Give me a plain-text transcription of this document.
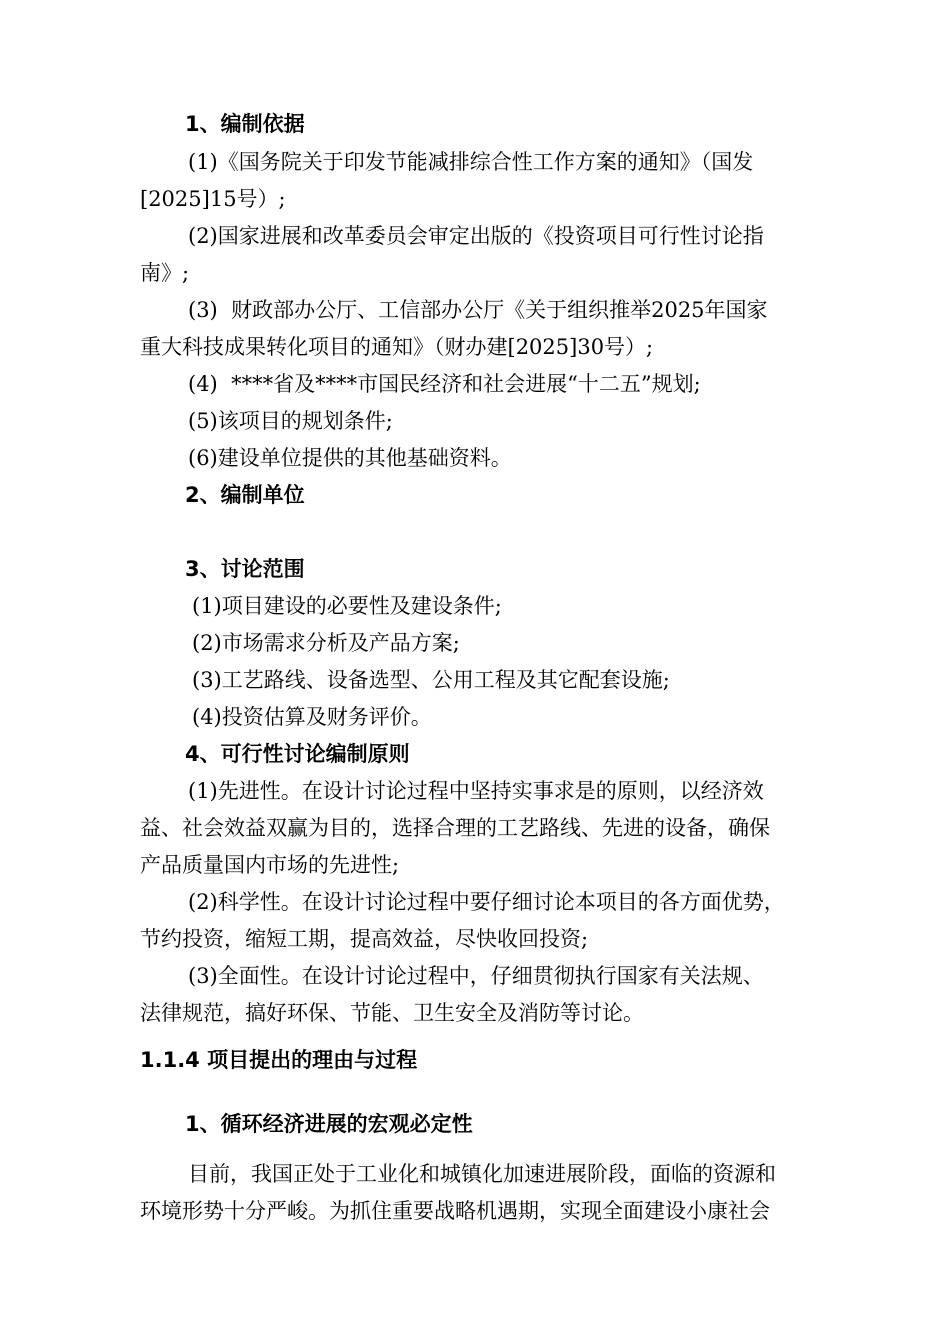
1、编制依据
(1)《国务院关于印发节能减排综合性工作方案的通知》（国发
[2025]15号）;
(2)国家进展和改革委员会审定出版的《投资项目可行性讨论指
南》;
(3)  财政部办公厅、工信部办公厅《关于组织推举2025年国家
重大科技成果转化项目的通知》（财办建[2025]30号）;
(4)  ****省及****市国民经济和社会进展“十二五”规划;
(5)该项目的规划条件;
(6)建设单位提供的其他基础资料。
2、编制单位
3、讨论范围
(1)项目建设的必要性及建设条件;
(2)市场需求分析及产品方案;
(3)工艺路线、设备选型、公用工程及其它配套设施;
(4)投资估算及财务评价。
4、可行性讨论编制原则
(1)先进性。在设计讨论过程中坚持实事求是的原则，以经济效
益、社会效益双赢为目的，选择合理的工艺路线、先进的设备，确保
产品质量国内市场的先进性;
(2)科学性。在设计讨论过程中要仔细讨论本项目的各方面优势，
节约投资，缩短工期，提高效益，尽快收回投资;
(3)全面性。在设计讨论过程中，仔细贯彻执行国家有关法规、
法律规范，搞好环保、节能、卫生安全及消防等讨论。
1.1.4 项目提出的理由与过程
1、循环经济进展的宏观必定性
目前，我国正处于工业化和城镇化加速进展阶段，面临的资源和
环境形势十分严峻。为抓住重要战略机遇期，实现全面建设小康社会
